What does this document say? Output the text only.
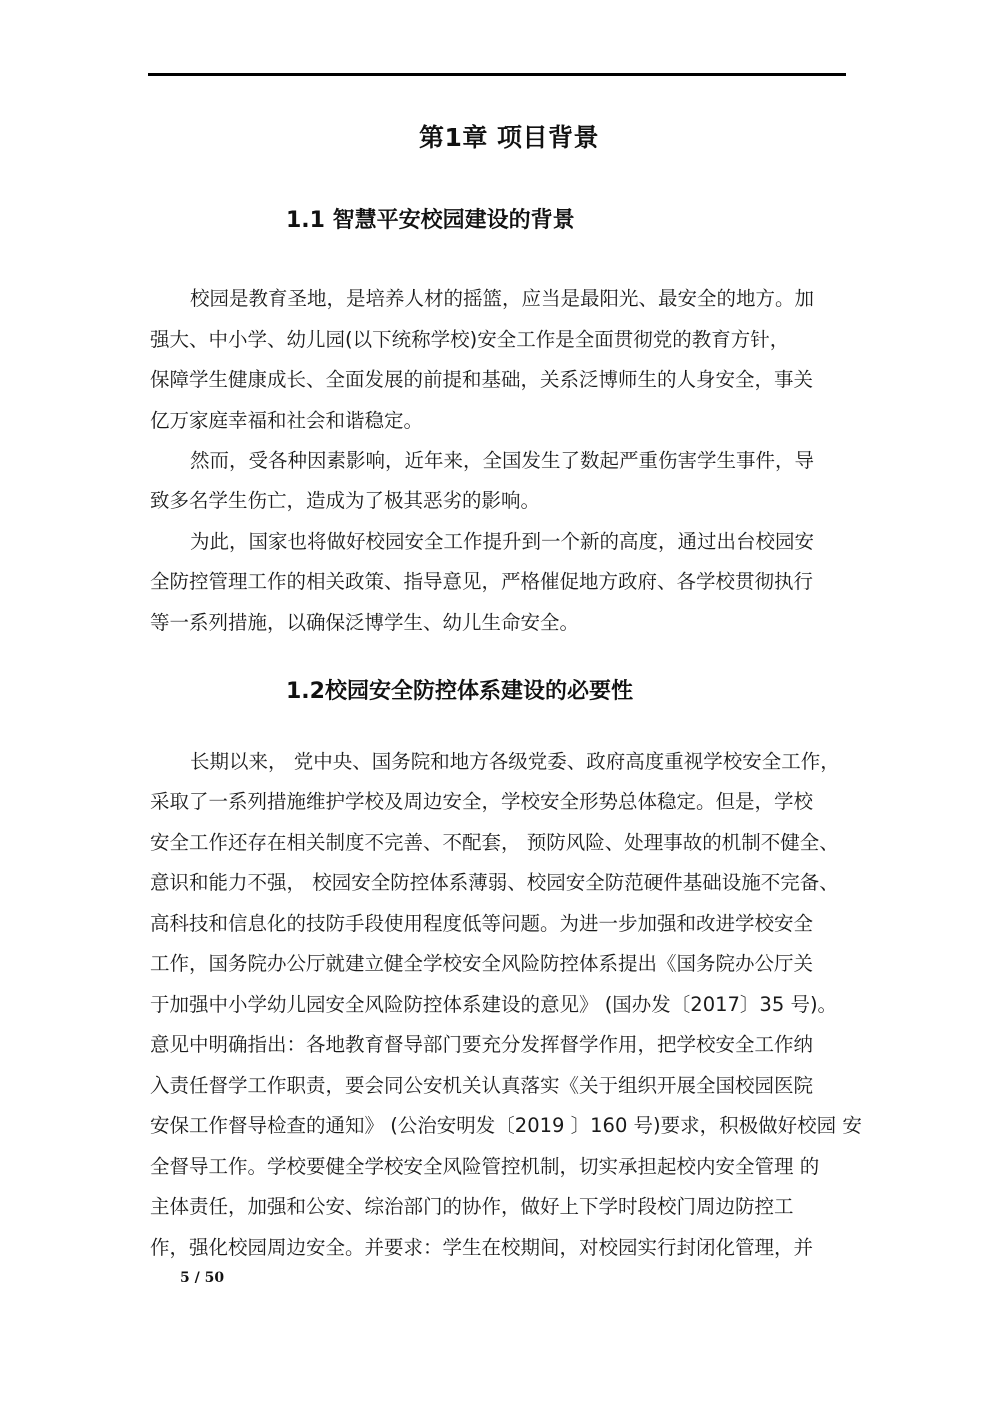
第1章 项目背景
1.1 智慧平安校园建设的背景
校园是教育圣地，是培养人材的摇篮，应当是最阳光、最安全的地方。加
强大、中小学、幼儿园(以下统称学校)安全工作是全面贯彻党的教育方针，
保障学生健康成长、全面发展的前提和基础，关系泛博师生的人身安全，事关
亿万家庭幸福和社会和谐稳定。
然而，受各种因素影响，近年来，全国发生了数起严重伤害学生事件，导
致多名学生伤亡，造成为了极其恶劣的影响。
为此，国家也将做好校园安全工作提升到一个新的高度，通过出台校园安
全防控管理工作的相关政策、指导意见，严格催促地方政府、各学校贯彻执行
等一系列措施，以确保泛博学生、幼儿生命安全。
1.2校园安全防控体系建设的必要性
长期以来， 党中央、国务院和地方各级党委、政府高度重视学校安全工作，
采取了一系列措施维护学校及周边安全，学校安全形势总体稳定。但是，学校
安全工作还存在相关制度不完善、不配套， 预防风险、处理事故的机制不健全、
意识和能力不强， 校园安全防控体系薄弱、校园安全防范硬件基础设施不完备、
高科技和信息化的技防手段使用程度低等问题。为进一步加强和改进学校安全
工作，国务院办公厅就建立健全学校安全风险防控体系提出《国务院办公厅关
于加强中小学幼儿园安全风险防控体系建设的意见》 (国办发〔2017〕35 号)。
意见中明确指出：各地教育督导部门要充分发挥督学作用，把学校安全工作纳
入责任督学工作职责，要会同公安机关认真落实《关于组织开展全国校园医院
安保工作督导检查的通知》 (公治安明发〔2019 〕160 号)要求，积极做好校园 安
全督导工作。学校要健全学校安全风险管控机制，切实承担起校内安全管理 的
主体责任，加强和公安、综治部门的协作，做好上下学时段校门周边防控工
作，强化校园周边安全。并要求：学生在校期间，对校园实行封闭化管理，并
5 / 50
